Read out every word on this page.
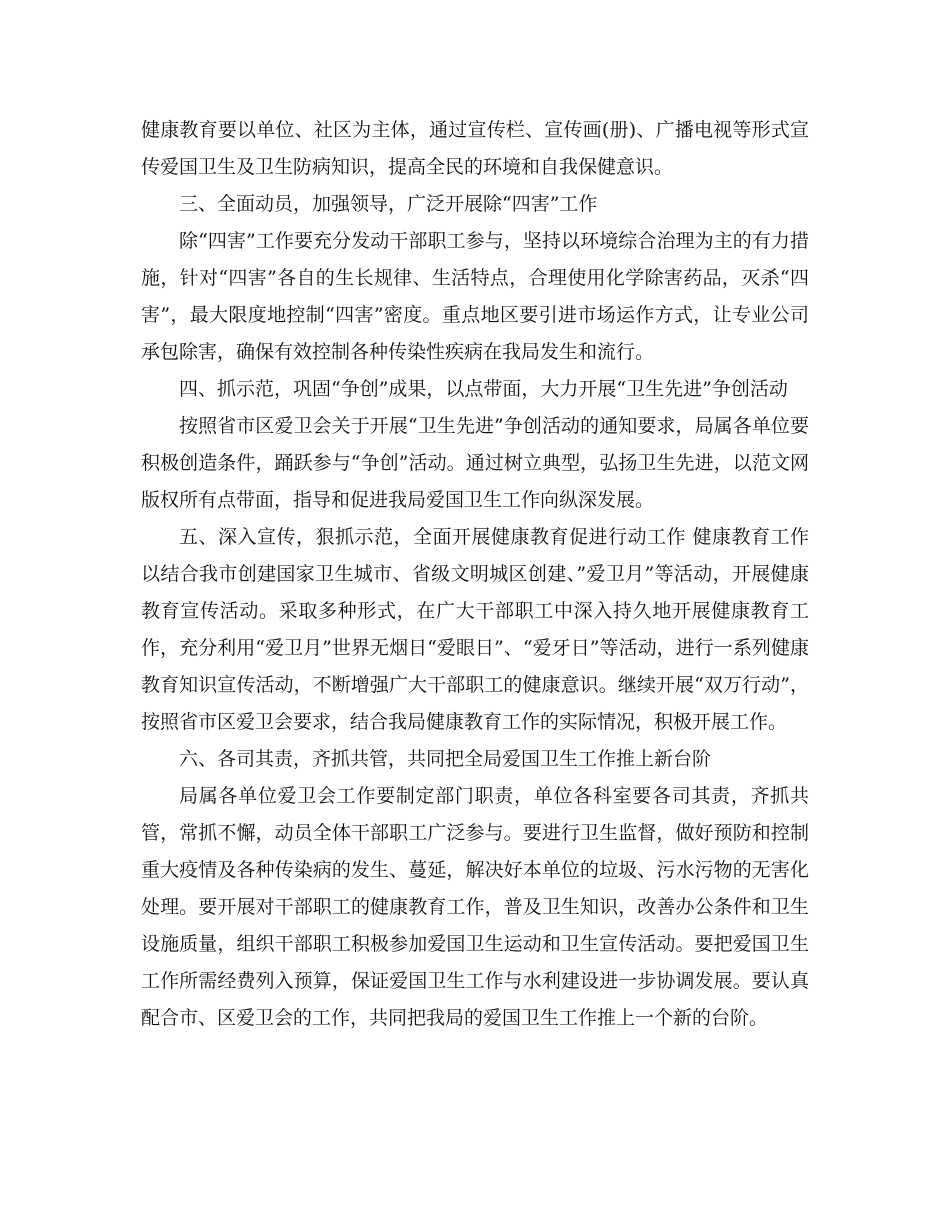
健康教育要以单位、社区为主体，通过宣传栏、宣传画(册)、广播电视等形式宣传爱国卫生及卫生防病知识，提高全民的环境和自我保健意识。

三、全面动员，加强领导，广泛开展除“四害”工作

除“四害”工作要充分发动干部职工参与，坚持以环境综合治理为主的有力措施，针对“四害”各自的生长规律、生活特点，合理使用化学除害药品，灭杀“四害”，最大限度地控制“四害”密度。重点地区要引进市场运作方式，让专业公司承包除害，确保有效控制各种传染性疾病在我局发生和流行。

四、抓示范，巩固“争创”成果，以点带面，大力开展“卫生先进”争创活动

按照省市区爱卫会关于开展“卫生先进”争创活动的通知要求，局属各单位要积极创造条件，踊跃参与“争创”活动。通过树立典型，弘扬卫生先进，以范文网版权所有点带面，指导和促进我局爱国卫生工作向纵深发展。

五、深入宣传，狠抓示范，全面开展健康教育促进行动工作 健康教育工作以结合我市创建国家卫生城市、省级文明城区创建、”爱卫月”等活动，开展健康教育宣传活动。采取多种形式，在广大干部职工中深入持久地开展健康教育工作，充分利用“爱卫月”世界无烟日“爱眼日”、“爱牙日”等活动，进行一系列健康教育知识宣传活动，不断增强广大干部职工的健康意识。继续开展“双万行动”，按照省市区爱卫会要求，结合我局健康教育工作的实际情况，积极开展工作。

六、各司其责，齐抓共管，共同把全局爱国卫生工作推上新台阶

局属各单位爱卫会工作要制定部门职责，单位各科室要各司其责，齐抓共管，常抓不懈，动员全体干部职工广泛参与。要进行卫生监督，做好预防和控制重大疫情及各种传染病的发生、蔓延，解决好本单位的垃圾、污水污物的无害化处理。要开展对干部职工的健康教育工作，普及卫生知识，改善办公条件和卫生设施质量，组织干部职工积极参加爱国卫生运动和卫生宣传活动。要把爱国卫生工作所需经费列入预算，保证爱国卫生工作与水利建设进一步协调发展。要认真配合市、区爱卫会的工作，共同把我局的爱国卫生工作推上一个新的台阶。
